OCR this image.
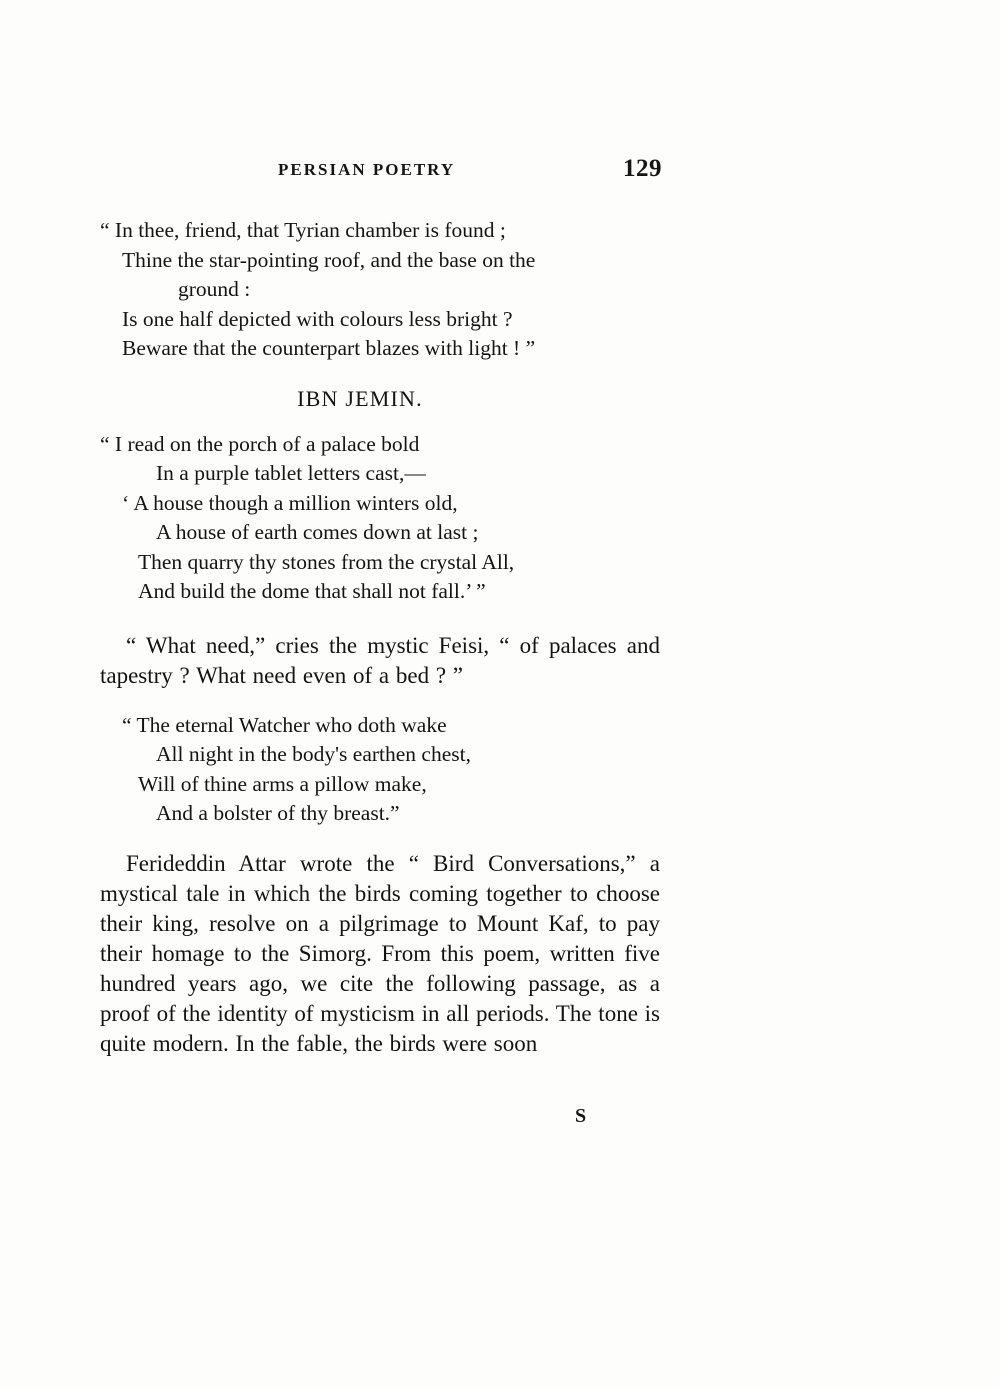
PERSIAN POETRY	129
“ In thee, friend, that Tyrian chamber is found ;
Thine the star-pointing roof, and the base on the
ground :
Is one half depicted with colours less bright ?
Beware that the counterpart blazes with light ! ”
IBN JEMIN.
“ I read on the porch of a palace bold
In a purple tablet letters cast,—
‘ A house though a million winters old,
A house of earth comes down at last ;
Then quarry thy stones from the crystal All,
And build the dome that shall not fall.’ ”

“ What need,” cries the mystic Feisi, “ of palaces and tapestry ? What need even of a bed ? ”

“ The eternal Watcher who doth wake
All night in the body's earthen chest,
Will of thine arms a pillow make,
And a bolster of thy breast.”

Ferideddin Attar wrote the “ Bird Conversations,” a mystical tale in which the birds coming together to choose their king, resolve on a pilgrimage to Mount Kaf, to pay their homage to the Simorg. From this poem, written five hundred years ago, we cite the following passage, as a proof of the identity of mysticism in all periods. The tone is quite modern. In the fable, the birds were soon

S
